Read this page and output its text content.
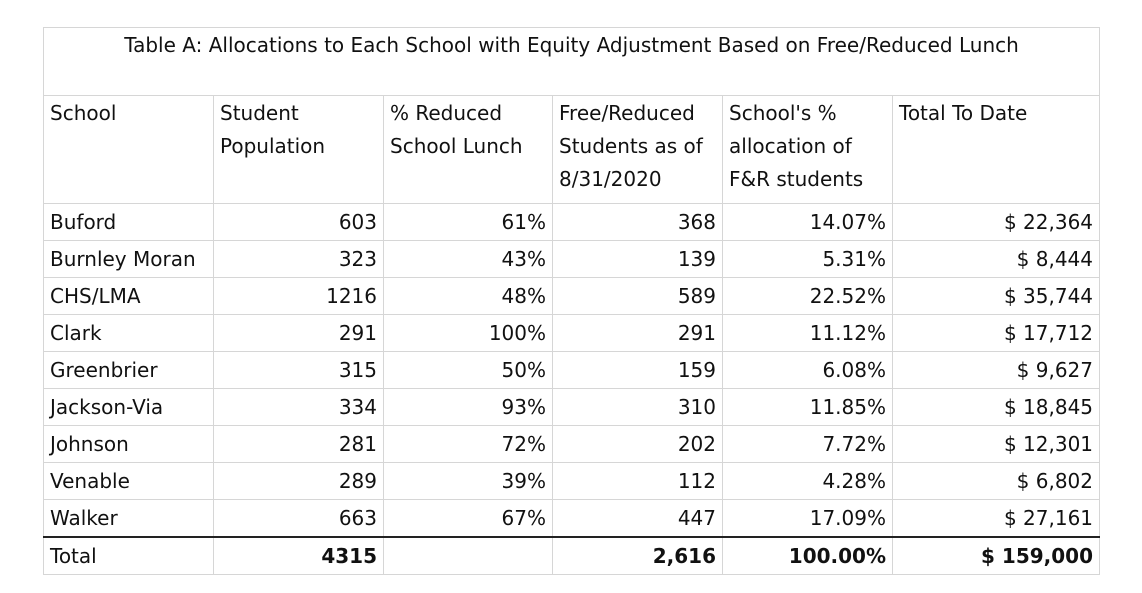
Table A: Allocations to Each School with Equity Adjustment Based on Free/Reduced Lunch					
School	Student Population	% Reduced School Lunch	Free/Reduced Students as of 8/31/2020	School's % allocation of F&R students	Total To Date
Buford	603	61%	368	14.07%	$ 22,364
Burnley Moran	323	43%	139	5.31%	$ 8,444
CHS/LMA	1216	48%	589	22.52%	$ 35,744
Clark	291	100%	291	11.12%	$ 17,712
Greenbrier	315	50%	159	6.08%	$ 9,627
Jackson-Via	334	93%	310	11.85%	$ 18,845
Johnson	281	72%	202	7.72%	$ 12,301
Venable	289	39%	112	4.28%	$ 6,802
Walker	663	67%	447	17.09%	$ 27,161
Total	4315		2,616	100.00%	$ 159,000
